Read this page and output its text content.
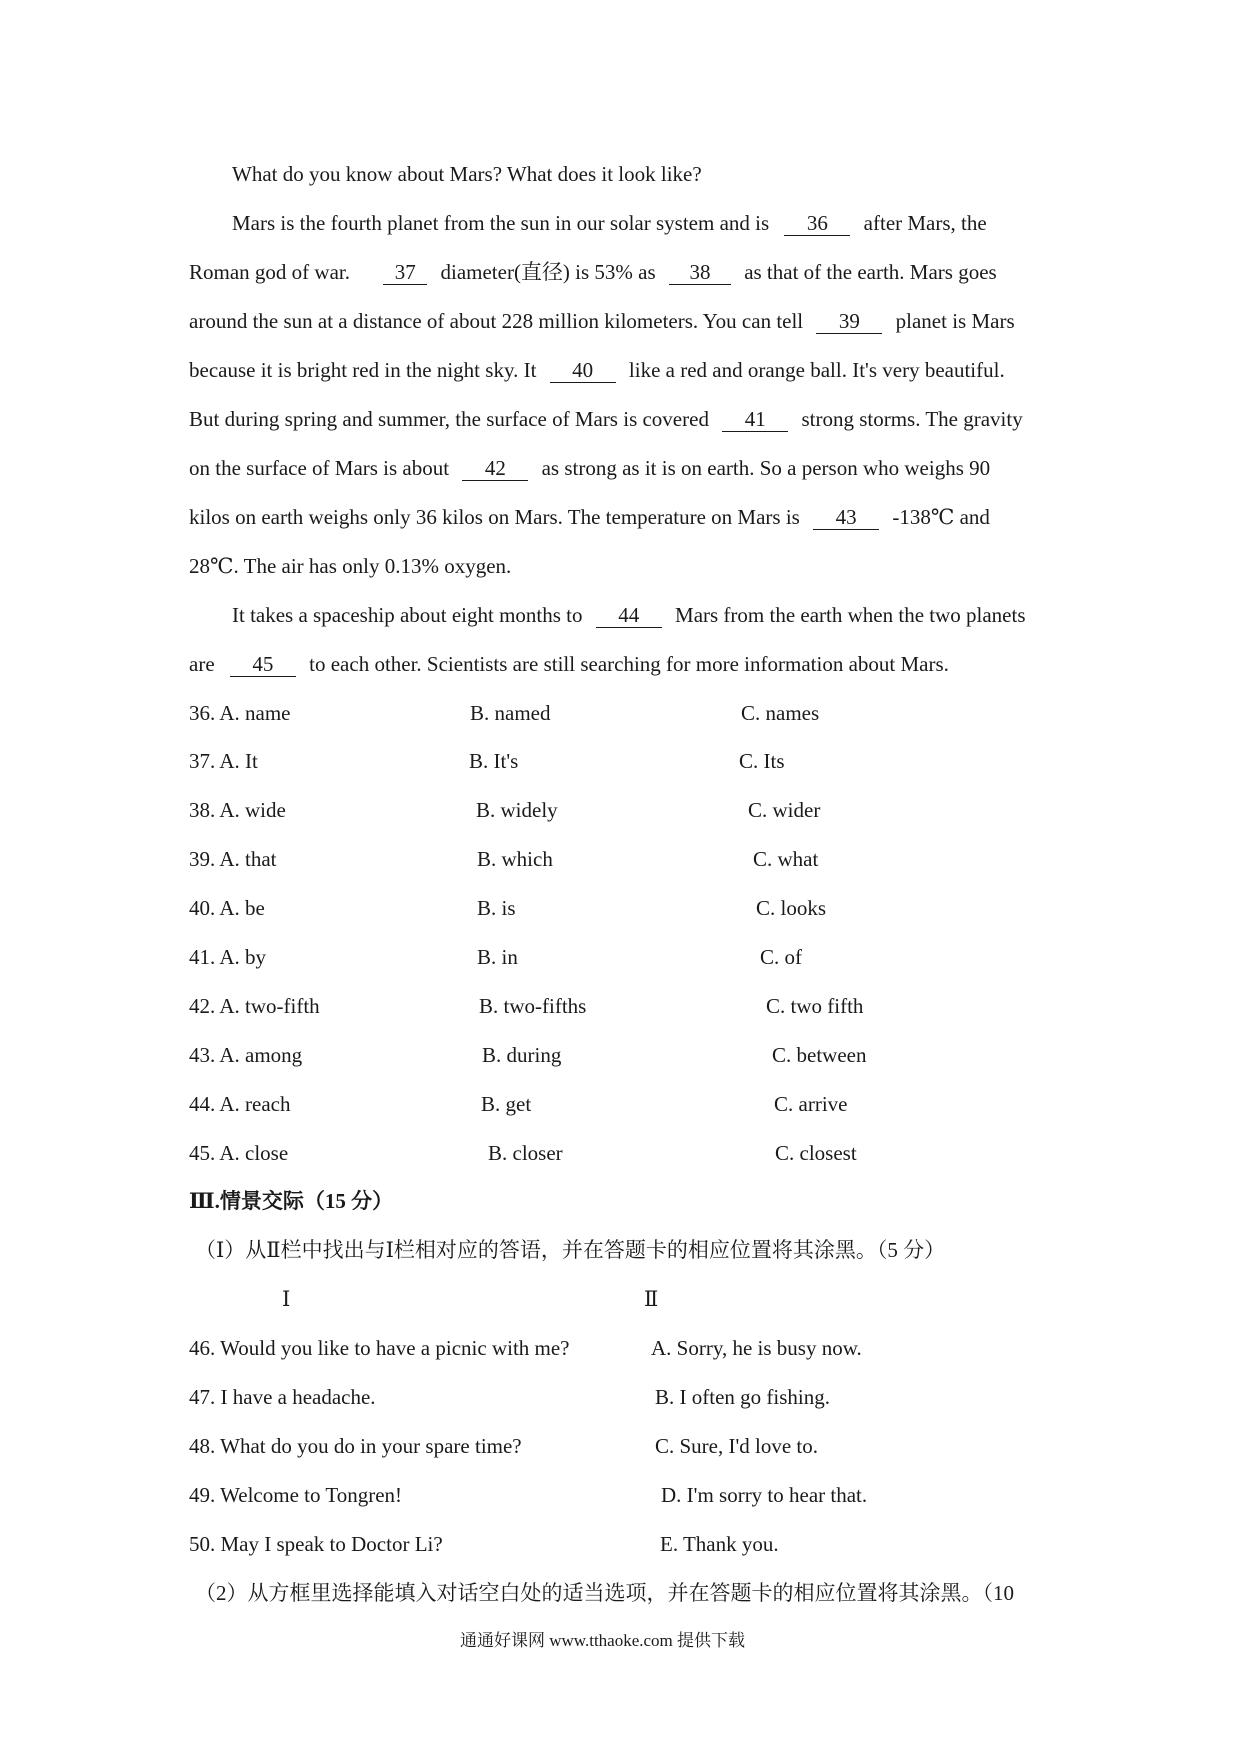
What do you know about Mars? What does it look like?
Mars is the fourth planet from the sun in our solar system and is 36 after Mars, the
Roman god of war. 37 diameter(直径) is 53% as 38 as that of the earth. Mars goes
around the sun at a distance of about 228 million kilometers. You can tell 39 planet is Mars
because it is bright red in the night sky. It 40 like a red and orange ball. It's very beautiful.
But during spring and summer, the surface of Mars is covered 41 strong storms. The gravity
on the surface of Mars is about 42 as strong as it is on earth. So a person who weighs 90
kilos on earth weighs only 36 kilos on Mars. The temperature on Mars is 43 -138℃ and
28℃. The air has only 0.13% oxygen.
It takes a spaceship about eight months to 44 Mars from the earth when the two planets
are 45 to each other. Scientists are still searching for more information about Mars.
36. A. name	B. named	C. names
37. A. It	B. It's	C. Its
38. A. wide	B. widely	C. wider
39. A. that	B. which	C. what
40. A. be	B. is	C. looks
41. A. by	B. in	C. of
42. A. two-fifth	B. two-fifths	C. two fifth
43. A. among	B. during	C. between
44. A. reach	B. get	C. arrive
45. A. close	B. closer	C. closest
Ⅲ.情景交际（15 分）
（Ⅰ）从Ⅱ栏中找出与Ⅰ栏相对应的答语，并在答题卡的相应位置将其涂黑。（5 分）
Ⅰ	Ⅱ
46. Would you like to have a picnic with me?	A. Sorry, he is busy now.
47. I have a headache.	B. I often go fishing.
48. What do you do in your spare time?	C. Sure, I'd love to.
49. Welcome to Tongren!	D. I'm sorry to hear that.
50. May I speak to Doctor Li?	E. Thank you.
（2）从方框里选择能填入对话空白处的适当选项，并在答题卡的相应位置将其涂黑。（10
通通好课网 www.tthaoke.com 提供下载
